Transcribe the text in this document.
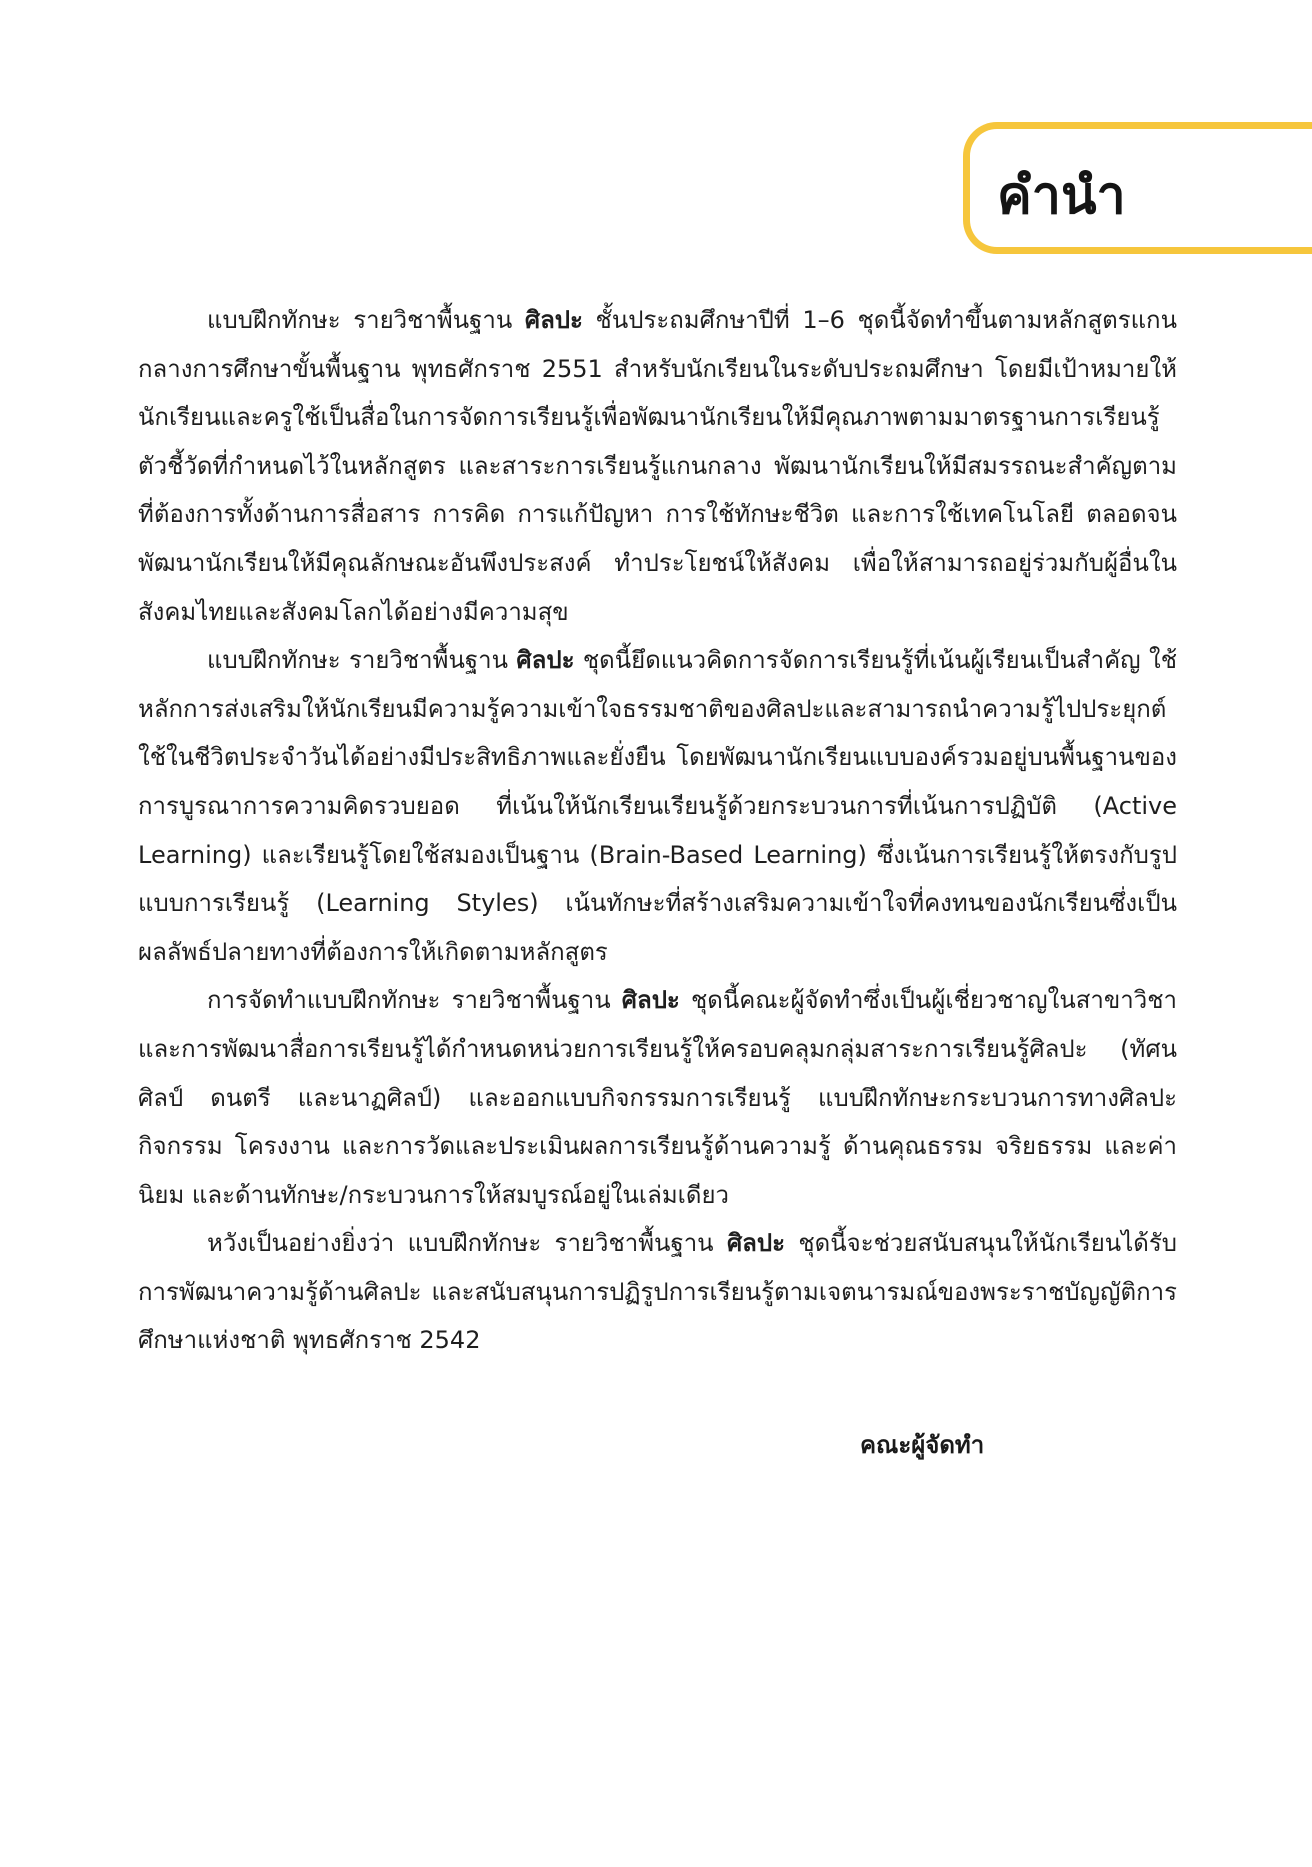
คำนำ

แบบฝึกทักษะ รายวิชาพื้นฐาน ศิลปะ ชั้นประถมศึกษาปีที่ 1–6 ชุดนี้จัดทำขึ้นตามหลักสูตรแกนกลางการศึกษาขั้นพื้นฐาน พุทธศักราช 2551 สำหรับนักเรียนในระดับประถมศึกษา โดยมีเป้าหมายให้นักเรียนและครูใช้เป็นสื่อในการจัดการเรียนรู้เพื่อพัฒนานักเรียนให้มีคุณภาพตามมาตรฐานการเรียนรู้ ตัวชี้วัดที่กำหนดไว้ในหลักสูตร และสาระการเรียนรู้แกนกลาง พัฒนานักเรียนให้มีสมรรถนะสำคัญตามที่ต้องการทั้งด้านการสื่อสาร การคิด การแก้ปัญหา การใช้ทักษะชีวิต และการใช้เทคโนโลยี ตลอดจนพัฒนานักเรียนให้มีคุณลักษณะอันพึงประสงค์ ทำประโยชน์ให้สังคม เพื่อให้สามารถอยู่ร่วมกับผู้อื่นในสังคมไทยและสังคมโลกได้อย่างมีความสุข

แบบฝึกทักษะ รายวิชาพื้นฐาน ศิลปะ ชุดนี้ยึดแนวคิดการจัดการเรียนรู้ที่เน้นผู้เรียนเป็นสำคัญ ใช้หลักการส่งเสริมให้นักเรียนมีความรู้ความเข้าใจธรรมชาติของศิลปะและสามารถนำความรู้ไปประยุกต์ใช้ในชีวิตประจำวันได้อย่างมีประสิทธิภาพและยั่งยืน โดยพัฒนานักเรียนแบบองค์รวมอยู่บนพื้นฐานของการบูรณาการความคิดรวบยอด ที่เน้นให้นักเรียนเรียนรู้ด้วยกระบวนการที่เน้นการปฏิบัติ (Active Learning) และเรียนรู้โดยใช้สมองเป็นฐาน (Brain-Based Learning) ซึ่งเน้นการเรียนรู้ให้ตรงกับรูปแบบการเรียนรู้ (Learning Styles) เน้นทักษะที่สร้างเสริมความเข้าใจที่คงทนของนักเรียนซึ่งเป็นผลลัพธ์ปลายทางที่ต้องการให้เกิดตามหลักสูตร

การจัดทำแบบฝึกทักษะ รายวิชาพื้นฐาน ศิลปะ ชุดนี้คณะผู้จัดทำซึ่งเป็นผู้เชี่ยวชาญในสาขาวิชาและการพัฒนาสื่อการเรียนรู้ได้กำหนดหน่วยการเรียนรู้ให้ครอบคลุมกลุ่มสาระการเรียนรู้ศิลปะ (ทัศนศิลป์ ดนตรี และนาฏศิลป์) และออกแบบกิจกรรมการเรียนรู้ แบบฝึกทักษะกระบวนการทางศิลปะ กิจกรรม โครงงาน และการวัดและประเมินผลการเรียนรู้ด้านความรู้ ด้านคุณธรรม จริยธรรม และค่านิยม และด้านทักษะ/กระบวนการให้สมบูรณ์อยู่ในเล่มเดียว

หวังเป็นอย่างยิ่งว่า แบบฝึกทักษะ รายวิชาพื้นฐาน ศิลปะ ชุดนี้จะช่วยสนับสนุนให้นักเรียนได้รับการพัฒนาความรู้ด้านศิลปะ และสนับสนุนการปฏิรูปการเรียนรู้ตามเจตนารมณ์ของพระราชบัญญัติการศึกษาแห่งชาติ พุทธศักราช 2542

คณะผู้จัดทำ
